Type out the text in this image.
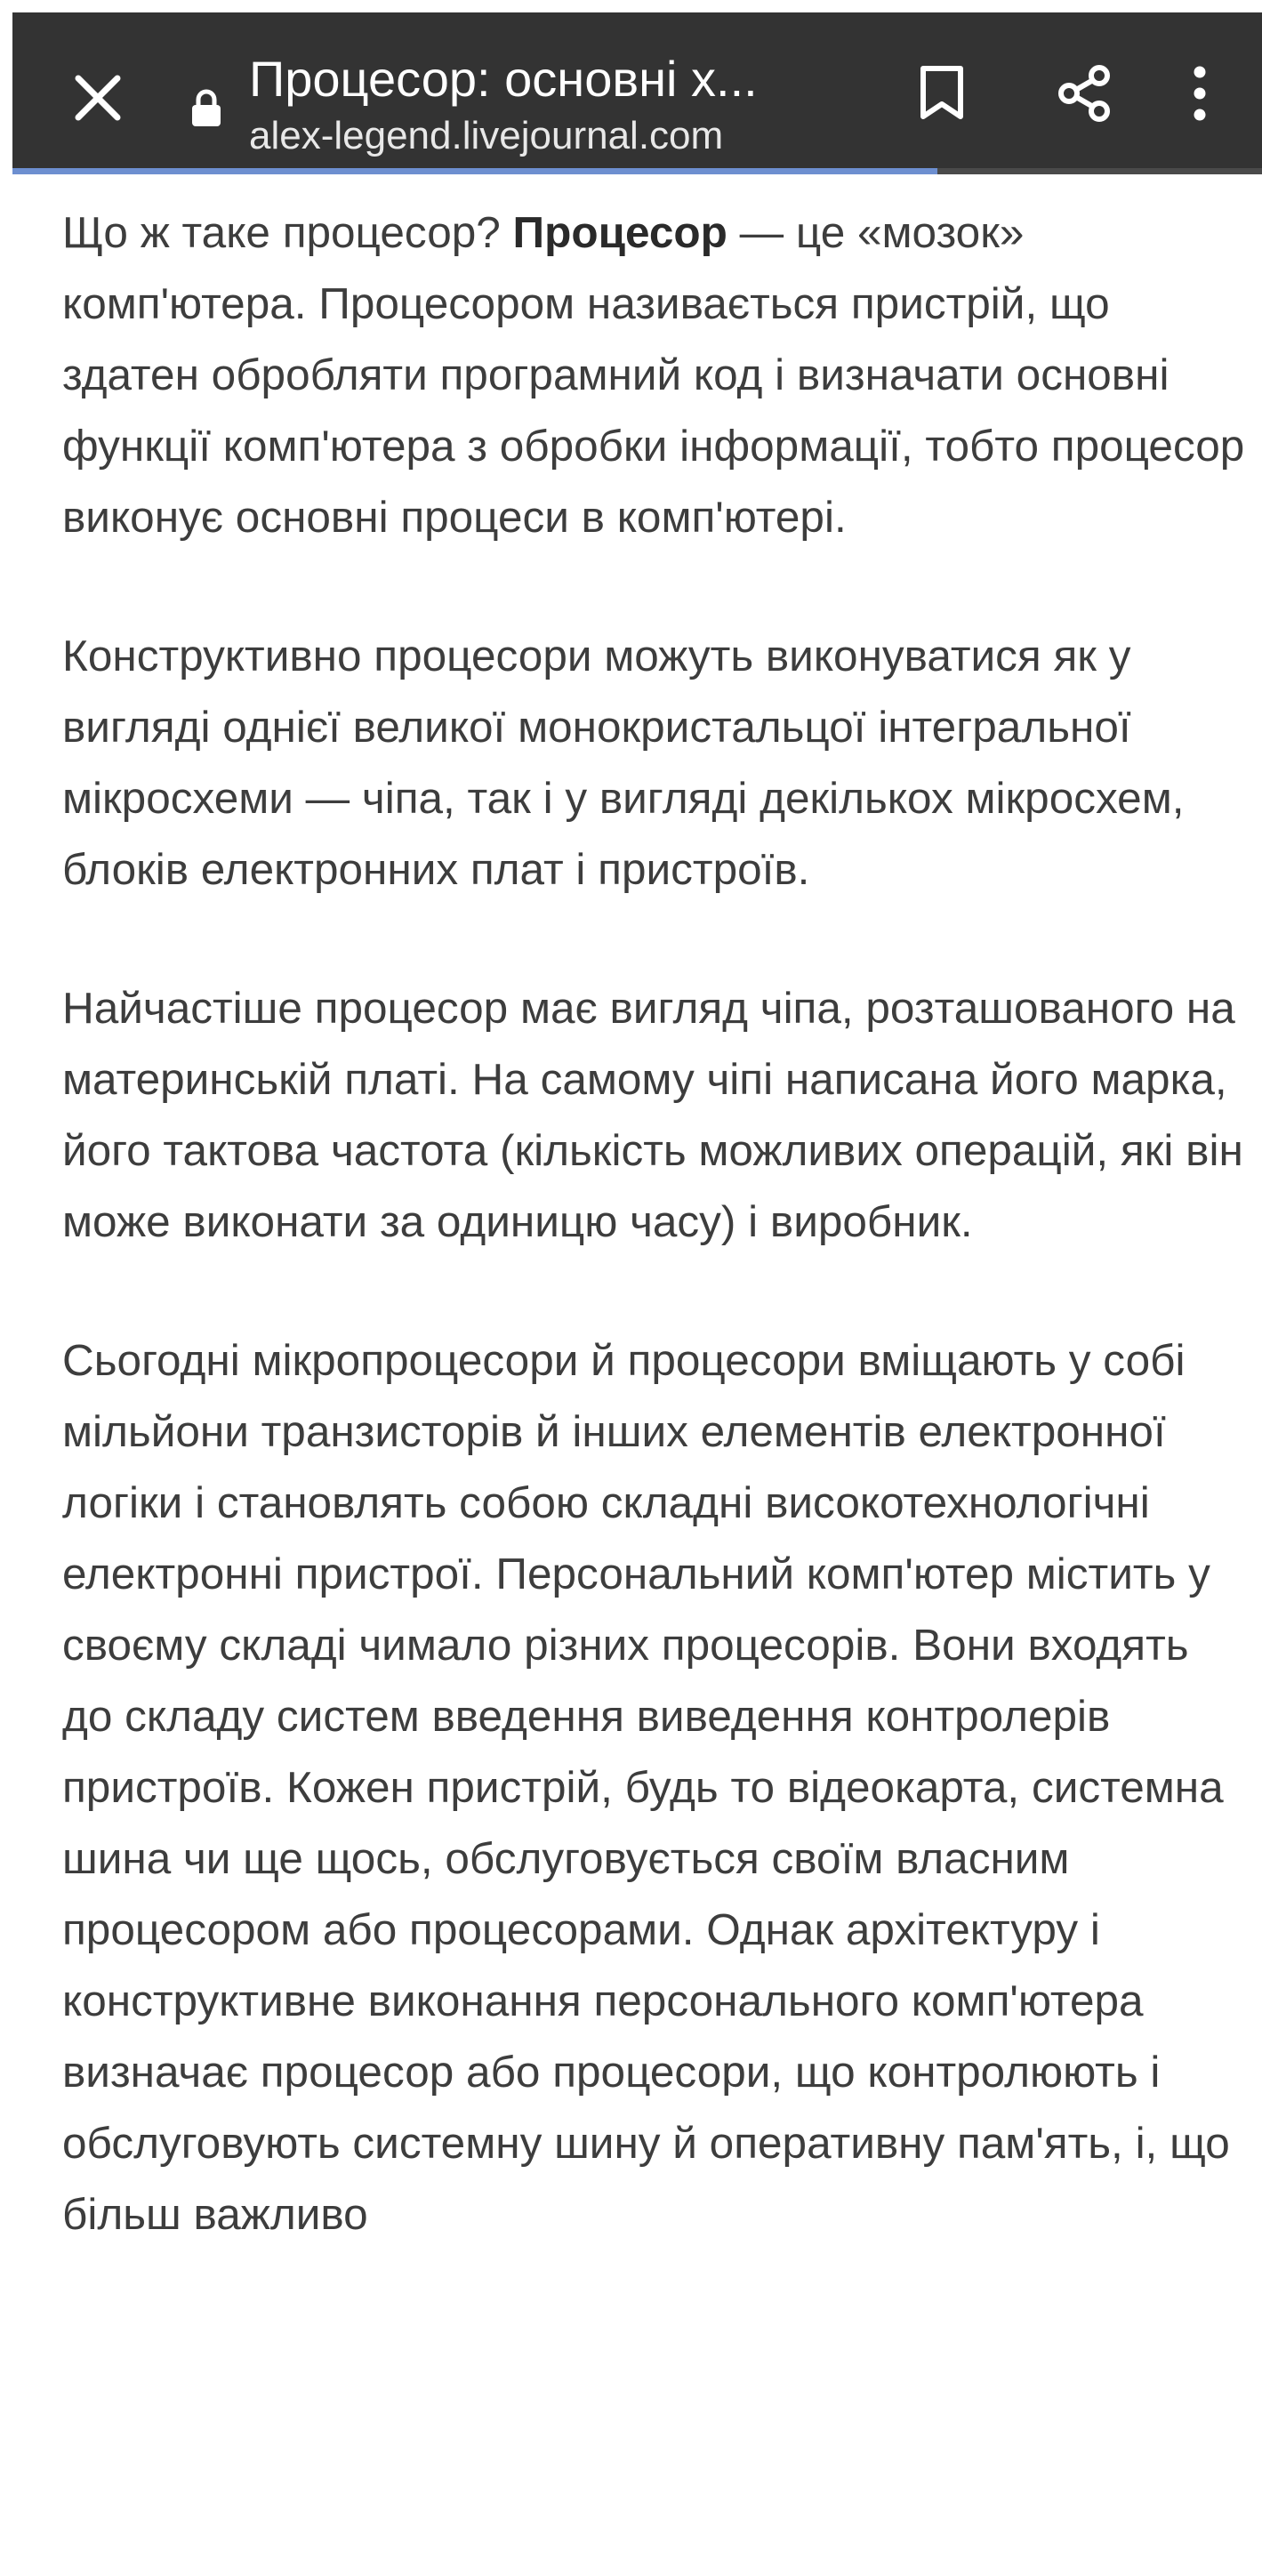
Процесор: основні х...
alex-legend.livejournal.com

Що ж таке процесор? Процесор — це «мозок» комп'ютера. Процесором називається пристрій, що здатен обробляти програмний код і визначати основні функції комп'ютера з обробки інформації, тобто процесор виконує основні процеси в комп'ютері.

Конструктивно процесори можуть виконуватися як у вигляді однієї великої монокристальцої інтегральної мікросхеми — чіпа, так і у вигляді декількох мікросхем, блоків електронних плат і пристроїв.

Найчастіше процесор має вигляд чіпа, розташованого на материнській платі. На самому чіпі написана його марка, його тактова частота (кількість можливих операцій, які він може виконати за одиницю часу) і виробник.

Сьогодні мікропроцесори й процесори вміщають у собі мільйони транзисторів й інших елементів електронної логіки і становлять собою складні високотехнологічні електронні пристрої. Персональний комп'ютер містить у своєму складі чимало різних процесорів. Вони входять до складу систем введення виведення контролерів пристроїв. Кожен пристрій, будь то відеокарта, системна шина чи ще щось, обслуговується своїм власним процесором або процесорами. Однак архітектуру і конструктивне виконання персонального комп'ютера визначає процесор або процесори, що контролюють і обслуговують системну шину й оперативну пам'ять, і, що більш важливо
